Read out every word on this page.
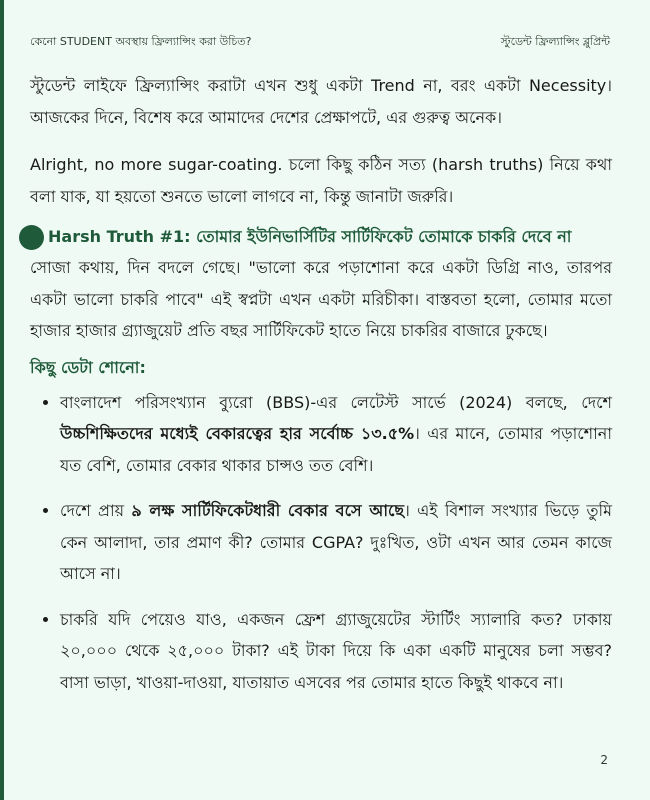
কেনো STUDENT অবস্থায় ফ্রিল্যান্সিং করা উচিত?	স্টুডেন্ট ফ্রিল্যান্সিং ব্লুপ্রিন্ট

স্টুডেন্ট লাইফে ফ্রিল্যান্সিং করাটা এখন শুধু একটা Trend না, বরং একটা Necessity। আজকের দিনে, বিশেষ করে আমাদের দেশের প্রেক্ষাপটে, এর গুরুত্ব অনেক।

Alright, no more sugar-coating. চলো কিছু কঠিন সত্য (harsh truths) নিয়ে কথা বলা যাক, যা হয়তো শুনতে ভালো লাগবে না, কিন্তু জানাটা জরুরি।

Harsh Truth #1: তোমার ইউনিভার্সিটির সার্টিফিকেট তোমাকে চাকরি দেবে না

সোজা কথায়, দিন বদলে গেছে। "ভালো করে পড়াশোনা করে একটা ডিগ্রি নাও, তারপর একটা ভালো চাকরি পাবে" এই স্বপ্নটা এখন একটা মরিচীকা। বাস্তবতা হলো, তোমার মতো হাজার হাজার গ্র্যাজুয়েট প্রতি বছর সার্টিফিকেট হাতে নিয়ে চাকরির বাজারে ঢুকছে।

কিছু ডেটা শোনো:
• বাংলাদেশ পরিসংখ্যান ব্যুরো (BBS)-এর লেটেস্ট সার্ভে (2024) বলছে, দেশে উচ্চশিক্ষিতদের মধ্যেই বেকারত্বের হার সর্বোচ্চ ১৩.৫%। এর মানে, তোমার পড়াশোনা যত বেশি, তোমার বেকার থাকার চান্সও তত বেশি।
• দেশে প্রায় ৯ লক্ষ সার্টিফিকেটধারী বেকার বসে আছে। এই বিশাল সংখ্যার ভিড়ে তুমি কেন আলাদা, তার প্রমাণ কী? তোমার CGPA? দুঃখিত, ওটা এখন আর তেমন কাজে আসে না।
• চাকরি যদি পেয়েও যাও, একজন ফ্রেশ গ্র্যাজুয়েটের স্টার্টিং স্যালারি কত? ঢাকায় ২০,০০০ থেকে ২৫,০০০ টাকা? এই টাকা দিয়ে কি একা একটি মানুষের চলা সম্ভব? বাসা ভাড়া, খাওয়া-দাওয়া, যাতায়াত এসবের পর তোমার হাতে কিছুই থাকবে না।
2
